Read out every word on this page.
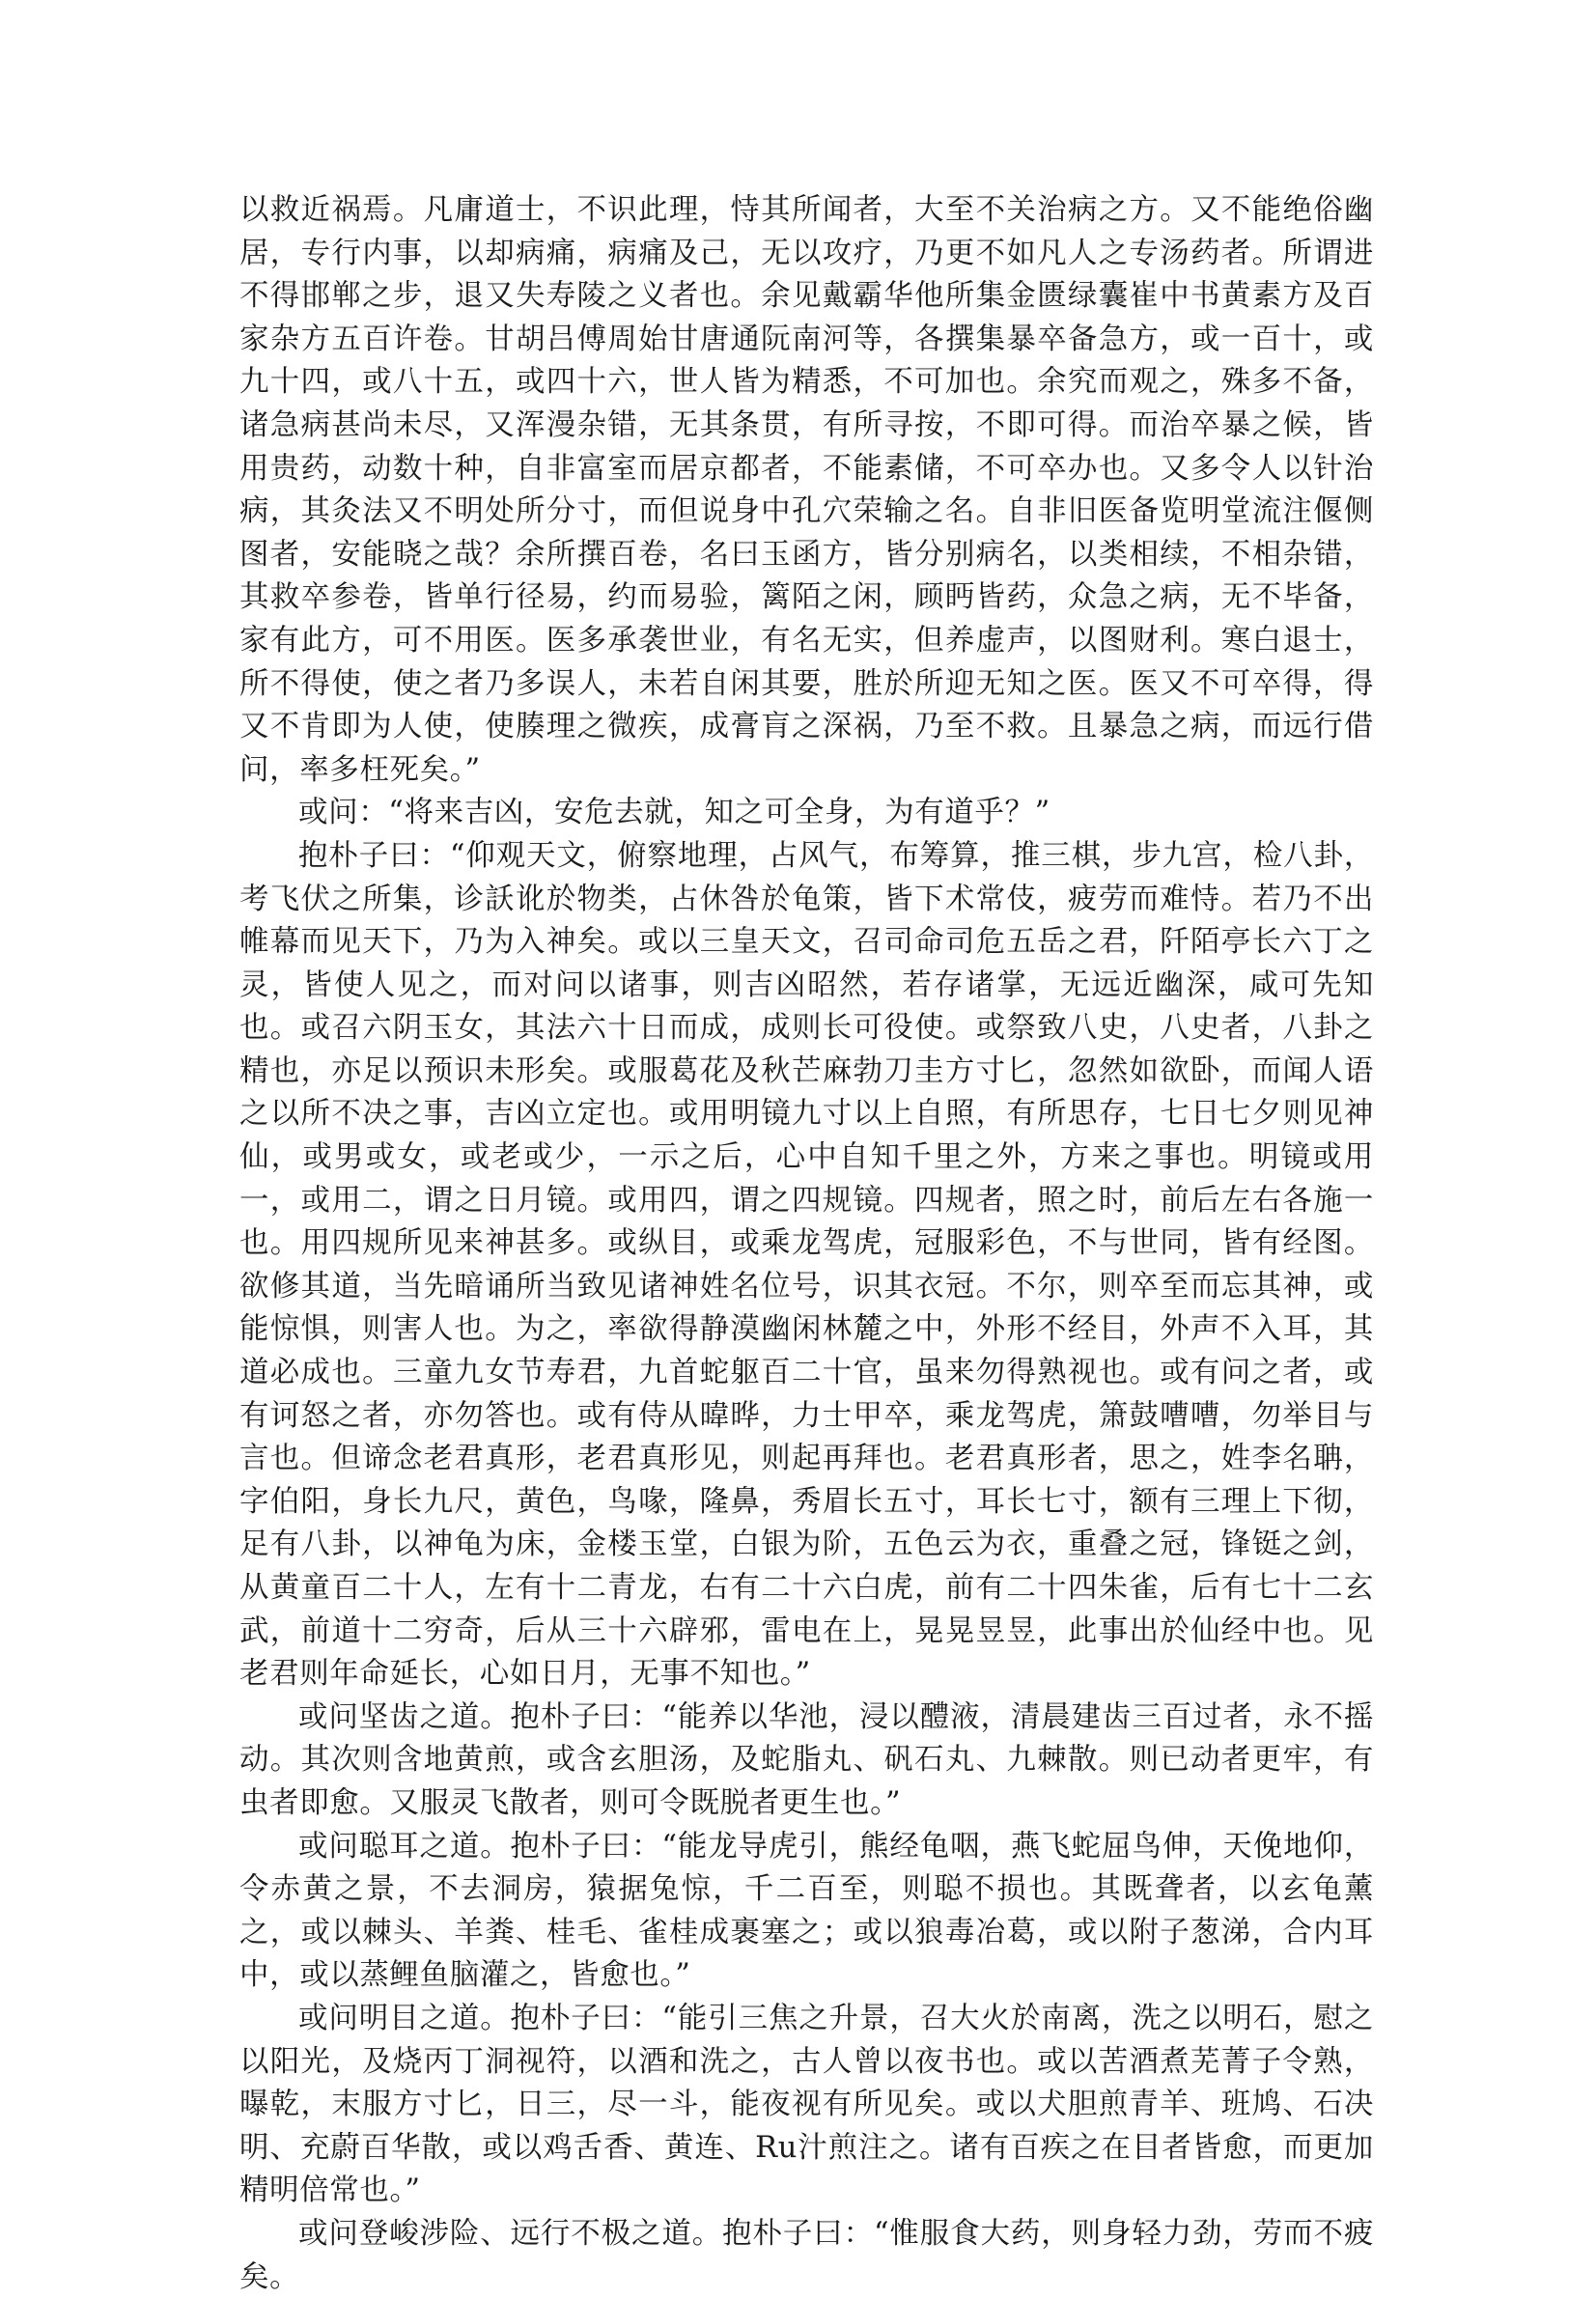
以救近祸焉。凡庸道士，不识此理，恃其所闻者，大至不关治病之方。又不能绝俗幽居，专行内事，以却病痛，病痛及己，无以攻疗，乃更不如凡人之专汤药者。所谓进不得邯郸之步，退又失寿陵之义者也。余见戴霸华他所集金匮绿囊崔中书黄素方及百家杂方五百许卷。甘胡吕傅周始甘唐通阮南河等，各撰集暴卒备急方，或一百十，或九十四，或八十五，或四十六，世人皆为精悉，不可加也。余究而观之，殊多不备，诸急病甚尚未尽，又浑漫杂错，无其条贯，有所寻按，不即可得。而治卒暴之候，皆用贵药，动数十种，自非富室而居京都者，不能素储，不可卒办也。又多令人以针治病，其灸法又不明处所分寸，而但说身中孔穴荣输之名。自非旧医备览明堂流注偃侧图者，安能晓之哉？余所撰百卷，名曰玉函方，皆分别病名，以类相续，不相杂错，其救卒参卷，皆单行径易，约而易验，篱陌之闲，顾眄皆药，众急之病，无不毕备，家有此方，可不用医。医多承袭世业，有名无实，但养虚声，以图财利。寒白退士，所不得使，使之者乃多误人，未若自闲其要，胜於所迎无知之医。医又不可卒得，得又不肯即为人使，使腠理之微疾，成膏肓之深祸，乃至不救。且暴急之病，而远行借问，率多枉死矣。”

或问：“将来吉凶，安危去就，知之可全身，为有道乎？”

抱朴子曰：“仰观天文，俯察地理，占风气，布筹算，推三棋，步九宫，检八卦，考飞伏之所集，诊訞讹於物类，占休咎於龟策，皆下术常伎，疲劳而难恃。若乃不出帷幕而见天下，乃为入神矣。或以三皇天文，召司命司危五岳之君，阡陌亭长六丁之灵，皆使人见之，而对问以诸事，则吉凶昭然，若存诸掌，无远近幽深，咸可先知也。或召六阴玉女，其法六十日而成，成则长可役使。或祭致八史，八史者，八卦之精也，亦足以预识未形矣。或服葛花及秋芒麻勃刀圭方寸匕，忽然如欲卧，而闻人语之以所不决之事，吉凶立定也。或用明镜九寸以上自照，有所思存，七日七夕则见神仙，或男或女，或老或少，一示之后，心中自知千里之外，方来之事也。明镜或用一，或用二，谓之日月镜。或用四，谓之四规镜。四规者，照之时，前后左右各施一也。用四规所见来神甚多。或纵目，或乘龙驾虎，冠服彩色，不与世同，皆有经图。欲修其道，当先暗诵所当致见诸神姓名位号，识其衣冠。不尔，则卒至而忘其神，或能惊惧，则害人也。为之，率欲得静漠幽闲林麓之中，外形不经目，外声不入耳，其道必成也。三童九女节寿君，九首蛇躯百二十官，虽来勿得熟视也。或有问之者，或有诃怒之者，亦勿答也。或有侍从暐晔，力士甲卒，乘龙驾虎，箫鼓嘈嘈，勿举目与言也。但谛念老君真形，老君真形见，则起再拜也。老君真形者，思之，姓李名聃，字伯阳，身长九尺，黄色，鸟喙，隆鼻，秀眉长五寸，耳长七寸，额有三理上下彻，足有八卦，以神龟为床，金楼玉堂，白银为阶，五色云为衣，重叠之冠，锋铤之剑，从黄童百二十人，左有十二青龙，右有二十六白虎，前有二十四朱雀，后有七十二玄武，前道十二穷奇，后从三十六辟邪，雷电在上，晃晃昱昱，此事出於仙经中也。见老君则年命延长，心如日月，无事不知也。”

或问坚齿之道。抱朴子曰：“能养以华池，浸以醴液，清晨建齿三百过者，永不摇动。其次则含地黄煎，或含玄胆汤，及蛇脂丸、矾石丸、九棘散。则已动者更牢，有虫者即愈。又服灵飞散者，则可令既脱者更生也。”

或问聪耳之道。抱朴子曰：“能龙导虎引，熊经龟咽，燕飞蛇屈鸟伸，天俛地仰，令赤黄之景，不去洞房，猿据兔惊，千二百至，则聪不损也。其既聋者，以玄龟薰之，或以棘头、羊粪、桂毛、雀桂成裹塞之；或以狼毒冶葛，或以附子葱涕，合内耳中，或以蒸鲤鱼脑灌之，皆愈也。”

或问明目之道。抱朴子曰：“能引三焦之升景，召大火於南离，洗之以明石，慰之以阳光，及烧丙丁洞视符，以酒和洗之，古人曾以夜书也。或以苦酒煮芜菁子令熟，曝乾，末服方寸匕，日三，尽一斗，能夜视有所见矣。或以犬胆煎青羊、班鸠、石决明、充蔚百华散，或以鸡舌香、黄连、Ru汁煎注之。诸有百疾之在目者皆愈，而更加精明倍常也。”

或问登峻涉险、远行不极之道。抱朴子曰：“惟服食大药，则身轻力劲，劳而不疲矣。
